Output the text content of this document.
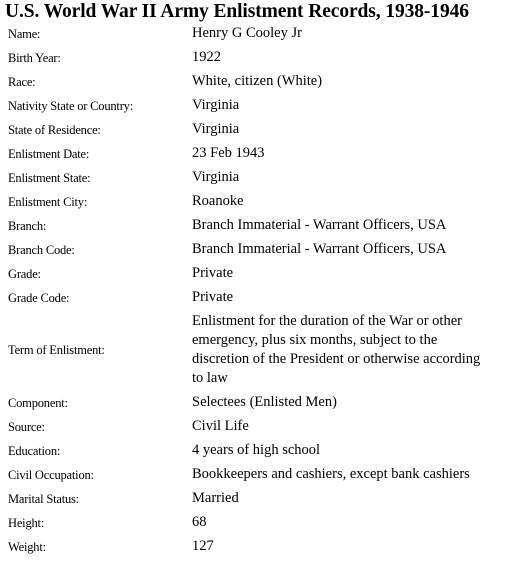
U.S. World War II Army Enlistment Records, 1938-1946
Name:	Henry G Cooley Jr
Birth Year:	1922
Race:	White, citizen (White)
Nativity State or Country:	Virginia
State of Residence:	Virginia
Enlistment Date:	23 Feb 1943
Enlistment State:	Virginia
Enlistment City:	Roanoke
Branch:	Branch Immaterial - Warrant Officers, USA
Branch Code:	Branch Immaterial - Warrant Officers, USA
Grade:	Private
Grade Code:	Private
Term of Enlistment:
Enlistment for the duration of the War or other emergency, plus six months, subject to the discretion of the President or otherwise according to law
Component:	Selectees (Enlisted Men)
Source:	Civil Life
Education:	4 years of high school
Civil Occupation:	Bookkeepers and cashiers, except bank cashiers
Marital Status:	Married
Height:	68
Weight:	127
